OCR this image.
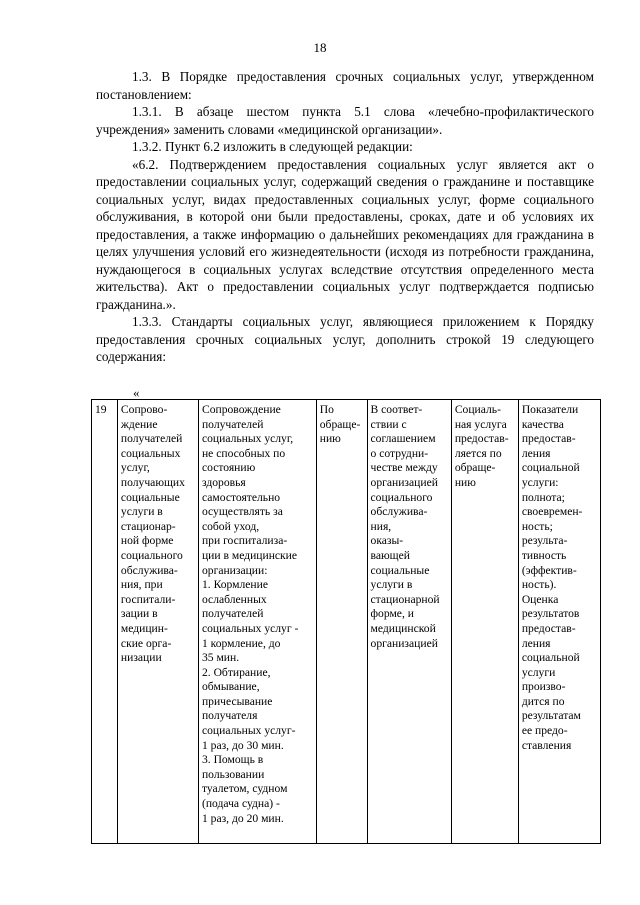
18

1.3. В Порядке предоставления срочных социальных услуг, утвержденном постановлением:

1.3.1. В абзаце шестом пункта 5.1 слова «лечебно-профилактического учреждения» заменить словами «медицинской организации».

1.3.2. Пункт 6.2 изложить в следующей редакции:

«6.2. Подтверждением предоставления социальных услуг является акт о предоставлении социальных услуг, содержащий сведения о гражданине и поставщике социальных услуг, видах предоставленных социальных услуг, форме социального обслуживания, в которой они были предоставлены, сроках, дате и об условиях их предоставления, а также информацию о дальнейших рекомендациях для гражданина в целях улучшения условий его жизнедеятельности (исходя из потребности гражданина, нуждающегося в социальных услугах вследствие отсутствия определенного места жительства). Акт о предоставлении социальных услуг подтверждается подписью гражданина.».

1.3.3. Стандарты социальных услуг, являющиеся приложением к Порядку предоставления срочных социальных услуг, дополнить строкой 19 следующего содержания:

«
19	Сопрово-
ждение
получателей
социальных
услуг,
получающих
социальные
услуги в
стационар-
ной форме
социального
обслужива-
ния, при
госпитали-
зации в
медицин-
ские орга-
низации

Сопровождение
получателей
социальных услуг,
не способных по
состоянию
здоровья
самостоятельно
осуществлять за
собой уход,
при госпитализа-
ции в медицинские
организации:
1. Кормление
ослабленных
получателей
социальных услуг -
1 кормление, до
35 мин.
2. Обтирание,
обмывание,
причесывание
получателя
социальных услуг-
1 раз, до 30 мин.
3. Помощь в
пользовании
туалетом, судном
(подача судна) -
1 раз, до 20 мин.

По
обраще-
нию

В соответ-
ствии с
соглашением
о сотрудни-
честве между
организацией
социального
обслужива-
ния,
оказы-
вающей
социальные
услуги в
стационарной
форме, и
медицинской
организацией

Социаль-
ная услуга
предостав-
ляется по
обраще-
нию

Показатели
качества
предостав-
ления
социальной
услуги:
полнота;
своевремен-
ность;
результа-
тивность
(эффектив-
ность).
Оценка
результатов
предостав-
ления
социальной
услуги
произво-
дится по
результатам
ее предо-
ставления
